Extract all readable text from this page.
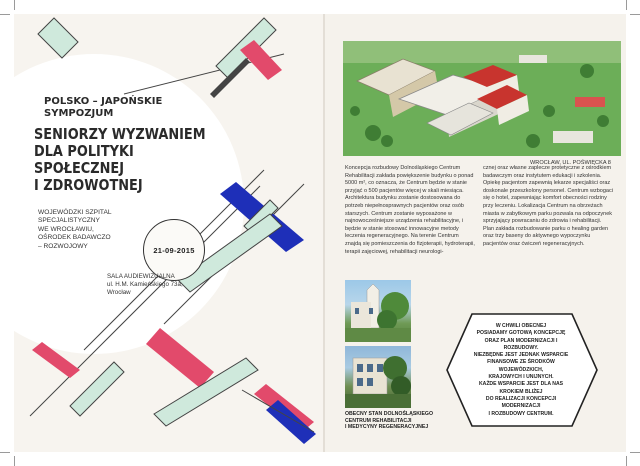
21-09-2015
POLSKO – JAPOŃSKIE
SYMPOZJUM
SENIORZY WYZWANIEM
DLA POLITYKI SPOŁECZNEJ
I ZDROWOTNEJ
WOJEWÓDZKI SZPITAL
SPECJALISTYCZNY
WE WROCŁAWIU,
OŚRODEK BADAWCZO
– ROZWOJOWY
SALA AUDIEWIZUALNA
ul. H.M. Kamieńskiego 73a,
Wrocław
WROCŁAW, UL. POŚWIĘCKA 8
Koncepcja rozbudowy Dolnośląskiego Centrum Rehabilitacji zakłada powiększenie budynku o ponad 5000 m², co oznacza, że Centrum będzie w stanie przyjąć o 500 pacjentów więcej w skali miesiąca. Architektura budynku zostanie dostosowana do potrzeb niepełnosprawnych pacjentów oraz osób starszych. Centrum zostanie wyposażone w najnowocześniejsze urządzenia rehabilitacyjne, i będzie w stanie stosować innowacyjne metody leczenia regeneracyjnego. Na terenie Centrum znajdą się pomieszczenia do fizjoterapii, hydroterapii, terapii zajęciowej, rehabilitacji neurologi-
cznej oraz własne zaplecze protetyczne z ośrodkiem badawczym oraz instytutem edukacji i szkolenia. Opiekę pacjentom zapewnią lekarze specjaliści oraz doskonale przeszkolony personel. Centrum wzbogaci się o hotel, zapewniając komfort obecności rodziny przy leczeniu. Lokalizacja Centrum na obrzeżach miasta w zabytkowym parku pozwala na odpoczynek sprzyjający powracaniu do zdrowia i rehabilitacji. Plan zakłada rozbudowanie parku o healing garden oraz trzy baseny do aktywnego wypoczynku pacjentów oraz ćwiczeń regeneracyjnych.
OBECNY STAN DOLNOŚLĄSKIEGO
CENTRUM REHABILITACJI
I MEDYCYNY REGENERACYJNEJ
W CHWILI OBECNEJ
POSIADAMY GOTOWĄ KONCEPCJĘ
ORAZ PLAN MODERNIZACJI I ROZBUDOWY.
NIEZBĘDNE JEST JEDNAK WSPARCIE
FINANSOWE ZE ŚRODKÓW WOJEWÓDZKICH,
KRAJOWYCH I UNIJNYCH.
KAŻDE WSPARCIE JEST DLA NAS KROKIEM BLIŻEJ
DO REALIZACJI KONCEPCJI MODERNIZACJI
I ROZBUDOWY CENTRUM.
